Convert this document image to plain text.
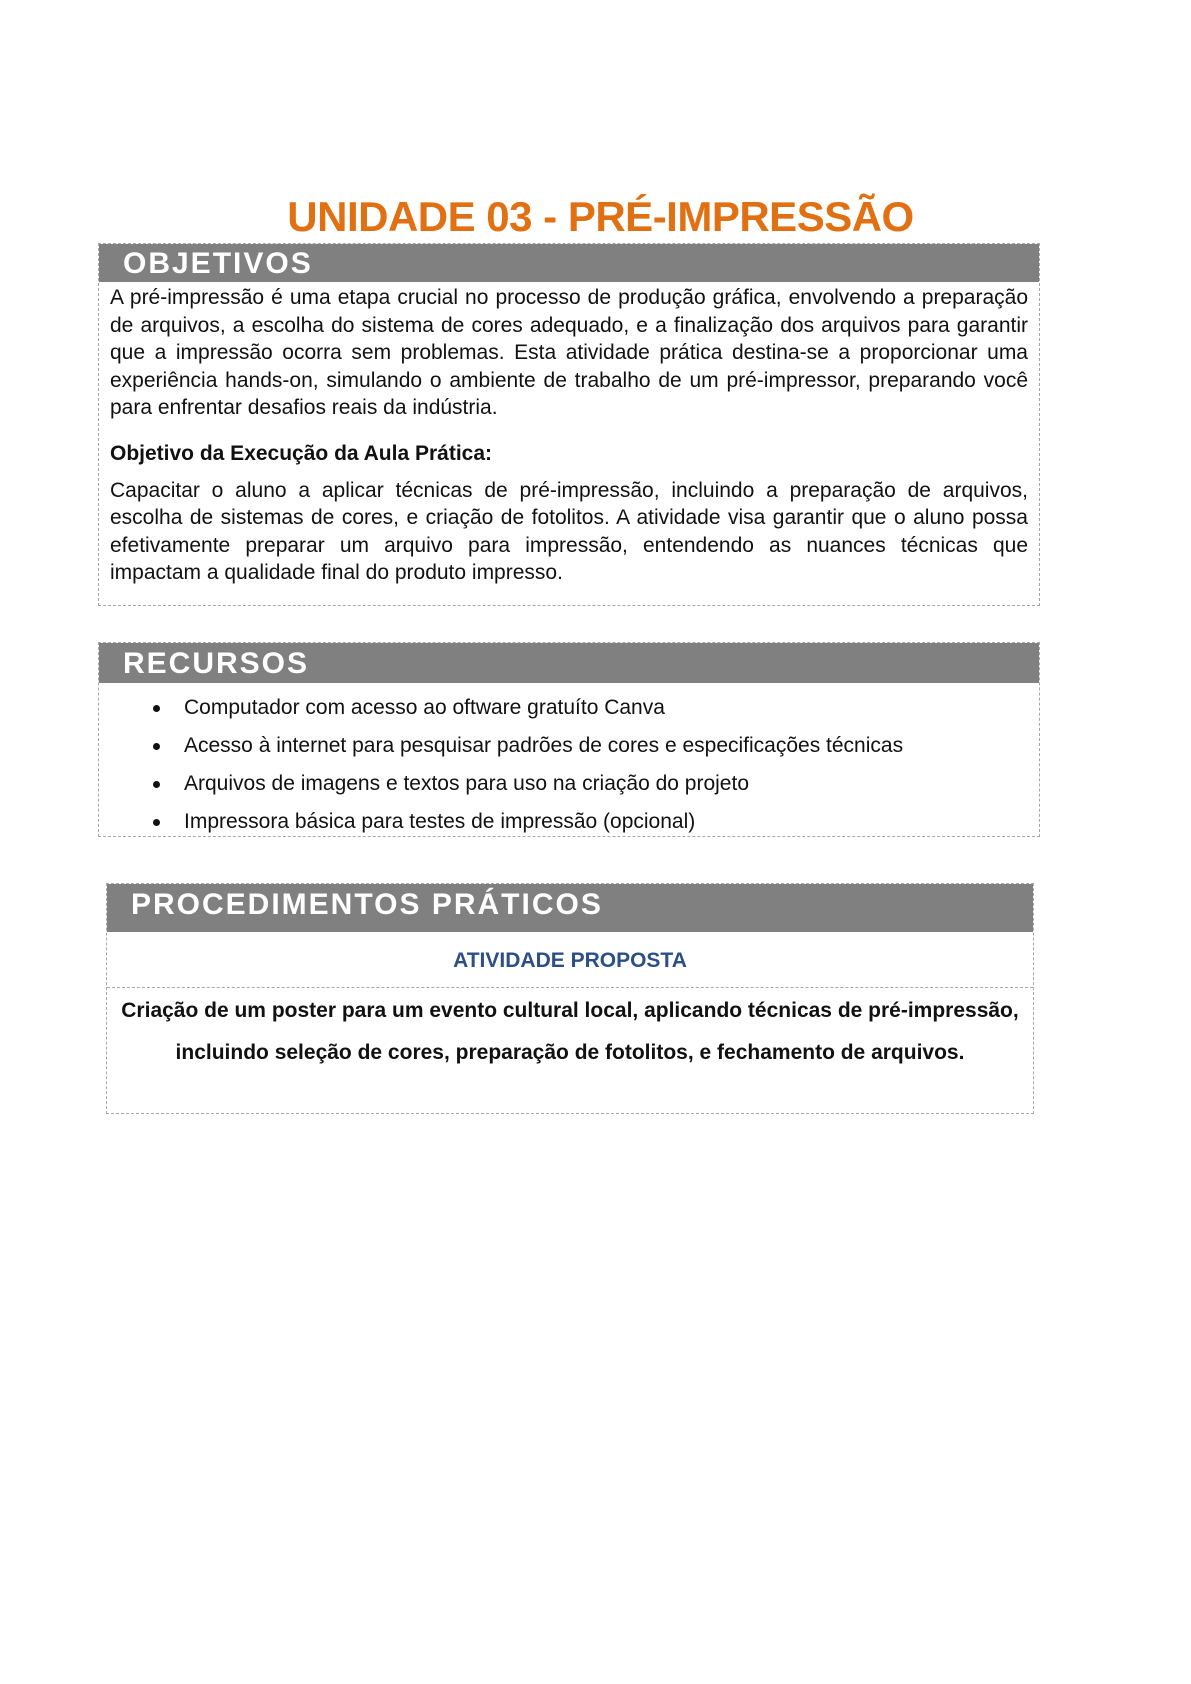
UNIDADE 03 - PRÉ-IMPRESSÃO
OBJETIVOS

A pré-impressão é uma etapa crucial no processo de produção gráfica, envolvendo a preparação de arquivos, a escolha do sistema de cores adequado, e a finalização dos arquivos para garantir que a impressão ocorra sem problemas. Esta atividade prática destina-se a proporcionar uma experiência hands-on, simulando o ambiente de trabalho de um pré-impressor, preparando você para enfrentar desafios reais da indústria.

Objetivo da Execução da Aula Prática:

Capacitar o aluno a aplicar técnicas de pré-impressão, incluindo a preparação de arquivos, escolha de sistemas de cores, e criação de fotolitos. A atividade visa garantir que o aluno possa efetivamente preparar um arquivo para impressão, entendendo as nuances técnicas que impactam a qualidade final do produto impresso.

RECURSOS
Computador com acesso ao oftware gratuíto Canva
Acesso à internet para pesquisar padrões de cores e especificações técnicas
Arquivos de imagens e textos para uso na criação do projeto
Impressora básica para testes de impressão (opcional)
PROCEDIMENTOS PRÁTICOS
ATIVIDADE PROPOSTA
Criação de um poster para um evento cultural local, aplicando técnicas de pré-impressão, incluindo seleção de cores, preparação de fotolitos, e fechamento de arquivos.
